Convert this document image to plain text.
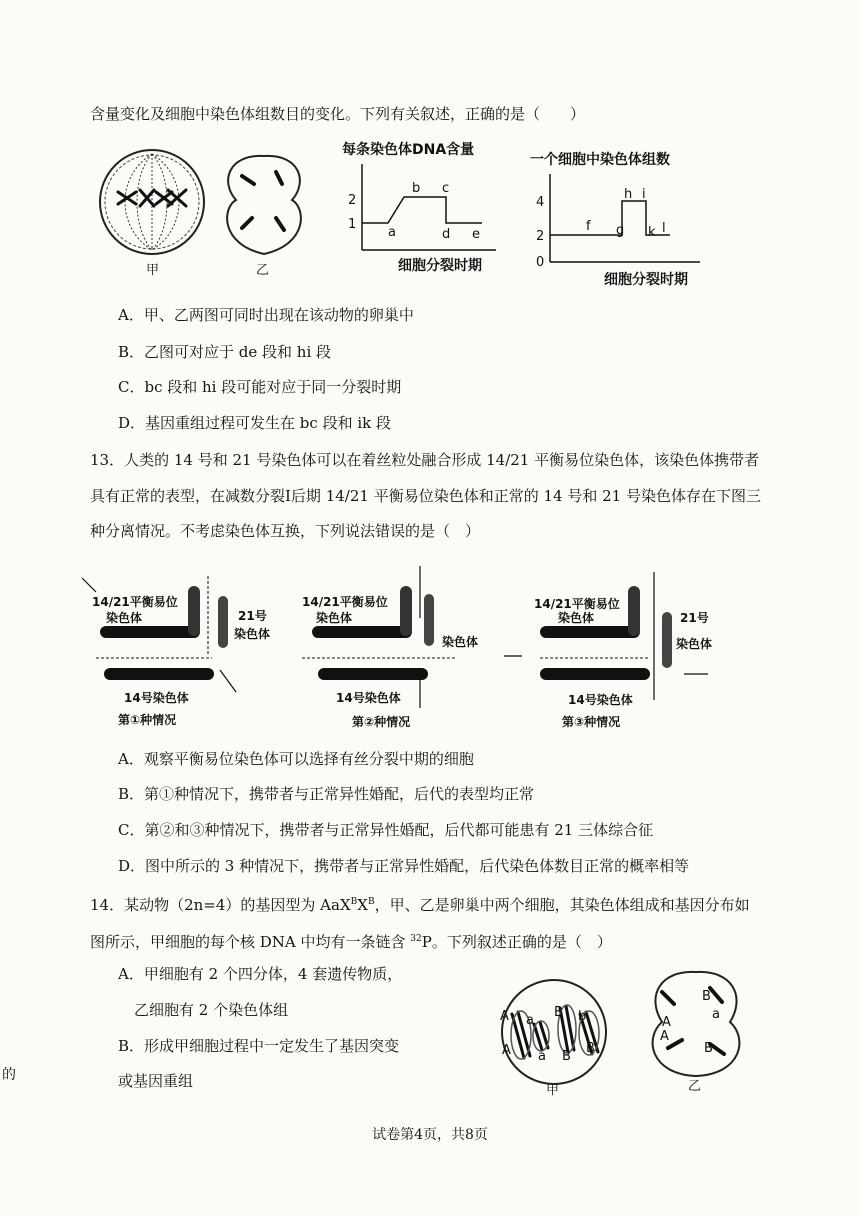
含量变化及细胞中染色体组数目的变化。下列有关叙述，正确的是（　　）
甲	乙
每条染色体DNA含量
2
1
a
b c
d e
细胞分裂时期
一个细胞中染色体组数
0
2
4
f g
h i
k l
细胞分裂时期
A．甲、乙两图可同时出现在该动物的卵巢中
B．乙图可对应于 de 段和 hi 段
C．bc 段和 hi 段可能对应于同一分裂时期
D．基因重组过程可发生在 bc 段和 ik 段
13．人类的 14 号和 21 号染色体可以在着丝粒处融合形成 14/21 平衡易位染色体，该染色体携带者
具有正常的表型，在减数分裂Ⅰ后期 14/21 平衡易位染色体和正常的 14 号和 21 号染色体存在下图三
种分离情况。不考虑染色体互换，下列说法错误的是（　）
14/21平衡易位
染色体	21号
染色体
14号染色体
第①种情况
14/21平衡易位
染色体
染色体
14号染色体
第②种情况
14/21平衡易位
染色体	21号
染色体
14号染色体
第③种情况
A．观察平衡易位染色体可以选择有丝分裂中期的细胞
B．第①种情况下，携带者与正常异性婚配，后代的表型均正常
C．第②和③种情况下，携带者与正常异性婚配，后代都可能患有 21 三体综合征
D．图中所示的 3 种情况下，携带者与正常异性婚配，后代染色体数目正常的概率相等
14．某动物（2n=4）的基因型为 $AaX^BX^B$，甲、乙是卵巢中两个细胞，其染色体组成和基因分布如
图所示，甲细胞的每个核 DNA 中均有一条链含 $^{32}$P。下列叙述正确的是（　）
A．甲细胞有 2 个四分体，4 套遗传物质，
乙细胞有 2 个染色体组
B．形成甲细胞过程中一定发生了基因突变
或基因重组
A a
B b
A a B
B
甲
A
B
a
A
B
乙
的
试卷第4页，共8页
